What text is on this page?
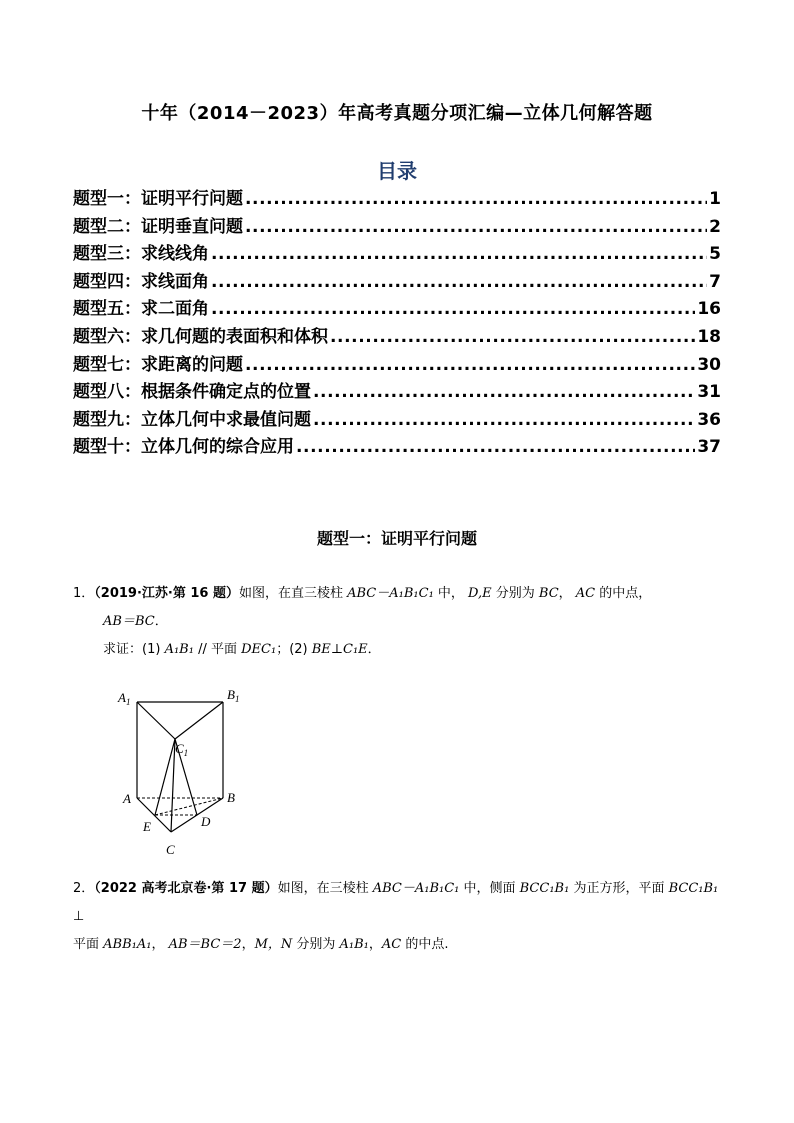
十年（2014－2023）年高考真题分项汇编—立体几何解答题
目录
题型一：证明平行问题 .....	1
题型二：证明垂直问题 .....	2
题型三：求线线角 .....	5
题型四：求线面角 .....	7
题型五：求二面角 .....	16
题型六：求几何题的表面积和体积 .....	18
题型七：求距离的问题 .....	30
题型八：根据条件确定点的位置 .....	31
题型九：立体几何中求最值问题 .....	36
题型十：立体几何的综合应用 .....	37
题型一：证明平行问题
1．（2019·江苏·第 16 题）如图，在直三棱柱 ABC－A₁B₁C₁ 中， D,E 分别为 BC， AC 的中点，
AB＝BC．
求证：(1) A₁B₁ // 平面 DEC₁；(2) BE⊥C₁E．
$A_1$	$B_1$
$C_1$
A	B
E	D
C
2．（2022 高考北京卷·第 17 题）如图，在三棱柱 ABC－A₁B₁C₁ 中，侧面 BCC₁B₁ 为正方形，平面 BCC₁B₁ ⊥
平面 ABB₁A₁， AB＝BC＝2，M，N 分别为 A₁B₁，AC 的中点.
